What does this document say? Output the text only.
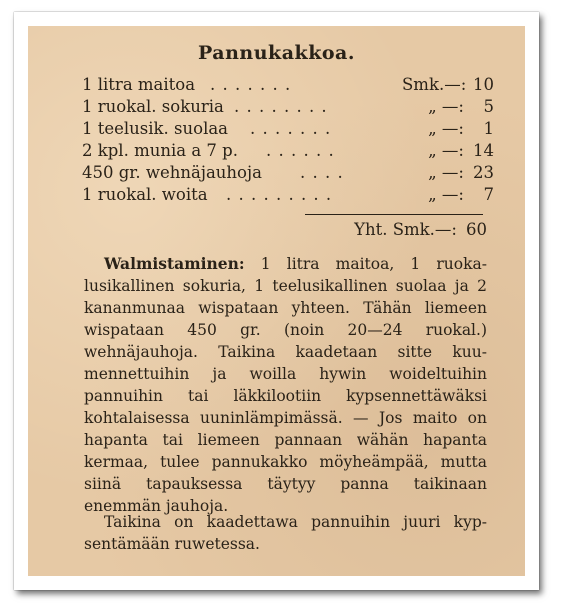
Pannukakkoa.
1 litra maitoa . . . . . . .	Smk.—: 10
1 ruokal. sokuria . . . . . . . .	„ —:	5
1 teelusik. suolaa . . . . . . .	„ —:	1
2 kpl. munia a 7 p. . . . . . .	„ —: 14
450 gr. wehnäjauhoja . . . .	„ —: 23
1 ruokal. woita . . . . . . . . .	„ —:	7
Yht. Smk.—: 60

Walmistaminen: 1 litra maitoa, 1 ruokalusikallinen sokuria, 1 teelusikallinen suolaa ja 2 kananmunaa wispataan yhteen. Tähän liemeen wispataan 450 gr. (noin 20—24 ruokal.) wehnäjauhoja. Taikina kaadetaan sitte kuumennettuihin ja woilla hywin woideltuihin pannuihin tai läkkilootiin kypsennettäwäksi kohtalaisessa uuninlämpimässä. — Jos maito on hapanta tai liemeen pannaan wähän hapanta kermaa, tulee pannukakko möyheämpää, mutta siinä tapauksessa täytyy panna taikinaan enemmän jauhoja.

Taikina on kaadettawa pannuihin juuri kypsentämään ruwetessa.
